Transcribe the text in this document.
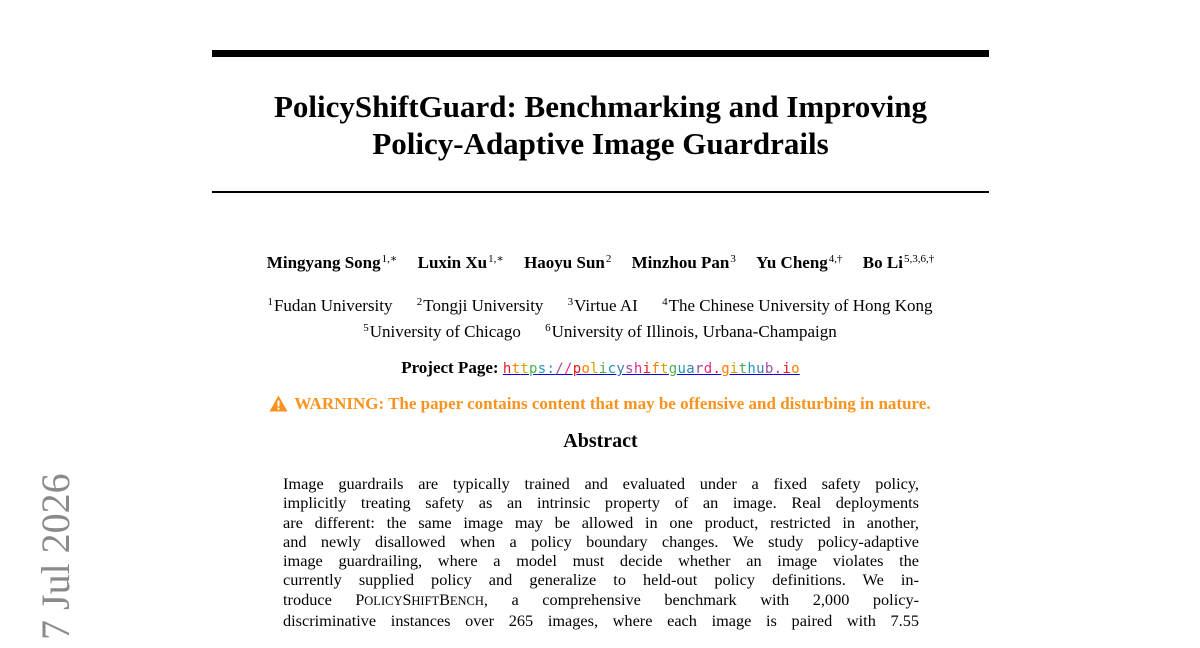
PolicyShiftGuard: Benchmarking and Improving
Policy-Adaptive Image Guardrails
Mingyang Song$^{1,∗}$ Luxin $Xu^{1,∗}$ Haoyu Sun$^2$ Minzhou Pan$^3$ Yu Cheng$^{4,\dagger}$ Bo $Li^{5,3,6,\dagger}$
$^1$Fudan University $^2$Tongji University $^3$Virtue AI $^4$The Chinese University of Hong Kong
$^5$University of Chicago $^6$University of Illinois, Urbana-Champaign
Project Page: https://policyshiftguard.github.io
WARNING: The paper contains content that may be offensive and disturbing in nature.
Abstract
Image guardrails are typically trained and evaluated under a fixed safety policy,
implicitly treating safety as an intrinsic property of an image. Real deployments
are different: the same image may be allowed in one product, restricted in another,
and newly disallowed when a policy boundary changes. We study policy-adaptive
image guardrailing, where a model must decide whether an image violates the
currently supplied policy and generalize to held-out policy definitions. We in-
troduce POLICYSHIFTBENCH, a comprehensive benchmark with 2,000 policy-
discriminative instances over 265 images, where each image is paired with 7.55
7 Jul 2026
